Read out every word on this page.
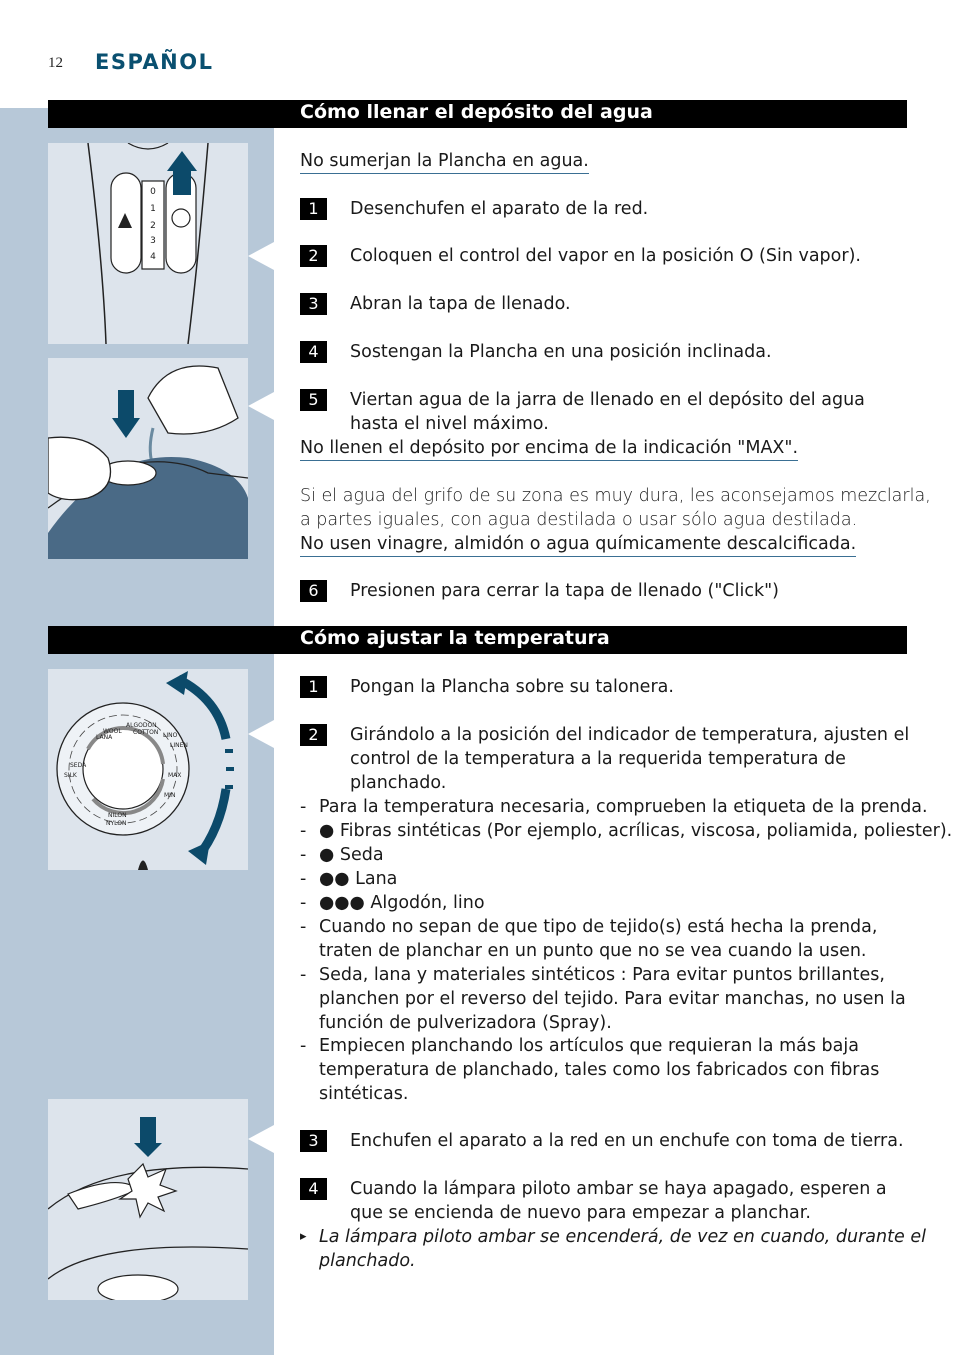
12 ESPAÑOL
Cómo llenar el depósito del agua
0
1
2
3
4
No sumerjan la Plancha en agua.
1	Desenchufen el aparato de la red.
2	Coloquen el control del vapor en la posición O (Sin vapor).
3	Abran la tapa de llenado.
4	Sostengan la Plancha en una posición inclinada.
5	Viertan agua de la jarra de llenado en el depósito del agua
hasta el nivel máximo.
No llenen el depósito por encima de la indicación "MAX".
Si el agua del grifo de su zona es muy dura, les aconsejamos mezclarla,
a partes iguales, con agua destilada o usar sólo agua destilada.
No usen vinagre, almidón o agua químicamente descalcificada.
6	Presionen para cerrar la tapa de llenado ("Click")
Cómo ajustar la temperatura
LINO
LINEN
ALGODON
COTTON
LANA
WOOL
SEDA
SILK
NILON
NYLON
MAX
MIN
1	Pongan la Plancha sobre su talonera.
2	Girándolo a la posición del indicador de temperatura, ajusten el
control de la temperatura a la requerida temperatura de
planchado.
- Para la temperatura necesaria, comprueben la etiqueta de la prenda.
- ● Fibras sintéticas (Por ejemplo, acrílicas, viscosa, poliamida, poliester).
- ● Seda
- ●● Lana
- ●●● Algodón, lino
- Cuando no sepan de que tipo de tejido(s) está hecha la prenda,
traten de planchar en un punto que no se vea cuando la usen.
- Seda, lana y materiales sintéticos : Para evitar puntos brillantes,
planchen por el reverso del tejido. Para evitar manchas, no usen la
función de pulverizadora (Spray).
- Empiecen planchando los artículos que requieran la más baja
temperatura de planchado, tales como los fabricados con fibras
sintéticas.
3	Enchufen el aparato a la red en un enchufe con toma de tierra.
4	Cuando la lámpara piloto ambar se haya apagado, esperen a
que se encienda de nuevo para empezar a planchar.
▸ La lámpara piloto ambar se encenderá, de vez en cuando, durante el
planchado.
